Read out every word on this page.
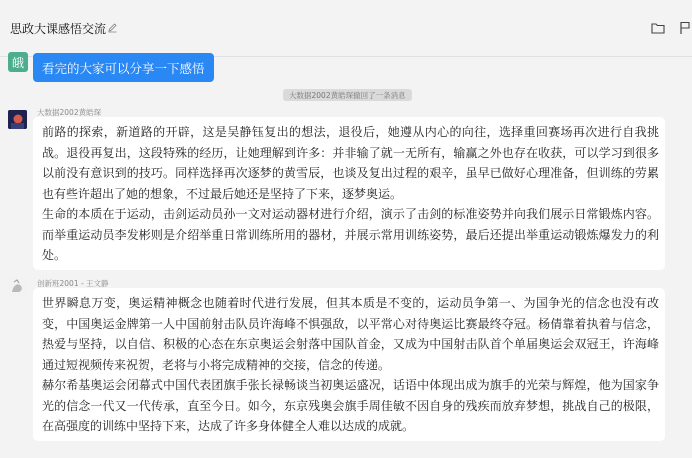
思政大课感悟交流
皒	看完的大家可以分享一下感悟
大数据2002黄皓琛撤回了一条消息
大数据2002黄皓琛

前路的探索，新道路的开辟，这是吴静钰复出的想法，退役后，她遵从内心的向往，选择重回赛场再次进行自我挑战。退役再复出，这段特殊的经历，让她理解到许多：并非输了就一无所有，输赢之外也存在收获，可以学习到很多以前没有意识到的技巧。同样选择再次逐梦的黄雪辰，也谈及复出过程的艰辛，虽早已做好心理准备，但训练的劳累也有些许超出了她的想象，不过最后她还是坚持了下来，逐梦奥运。

生命的本质在于运动，击剑运动员孙一文对运动器材进行介绍，演示了击剑的标准姿势并向我们展示日常锻炼内容。而举重运动员李发彬则是介绍举重日常训练所用的器材，并展示常用训练姿势，最后还提出举重运动锻炼爆发力的利处。

创新班2001 - 王文静

世界瞬息万变，奥运精神概念也随着时代进行发展，但其本质是不变的，运动员争第一、为国争光的信念也没有改变，中国奥运金牌第一人中国前射击队员许海峰不惧强敌，以平常心对待奥运比赛最终夺冠。杨倩靠着执着与信念，热爱与坚持，以自信、积极的心态在东京奥运会射落中国队首金，又成为中国射击队首个单届奥运会双冠王，许海峰通过短视频传来祝贺，老将与小将完成精神的交接，信念的传递。

赫尔希基奥运会闭幕式中国代表团旗手张长禄畅谈当初奥运盛况，话语中体现出成为旗手的光荣与辉煌，他为国家争光的信念一代又一代传承，直至今日。如今，东京残奥会旗手周佳敏不因自身的残疾而放弃梦想，挑战自己的极限，在高强度的训练中坚持下来，达成了许多身体健全人难以达成的成就。
